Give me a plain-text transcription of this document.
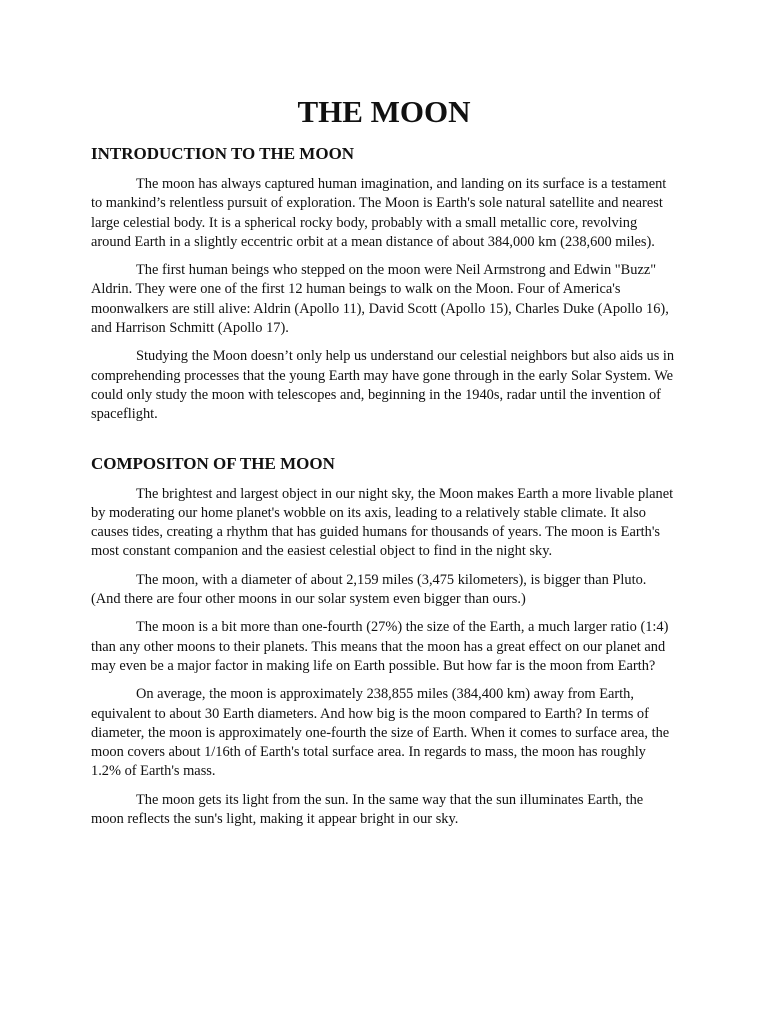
THE MOON
INTRODUCTION TO THE MOON

The moon has always captured human imagination, and landing on its surface is a testament to mankind’s relentless pursuit of exploration. The Moon is Earth's sole natural satellite and nearest large celestial body. It is a spherical rocky body, probably with a small metallic core, revolving around Earth in a slightly eccentric orbit at a mean distance of about 384,000 km (238,600 miles).

The first human beings who stepped on the moon were Neil Armstrong and Edwin "Buzz" Aldrin. They were one of the first 12 human beings to walk on the Moon. Four of America's moonwalkers are still alive: Aldrin (Apollo 11), David Scott (Apollo 15), Charles Duke (Apollo 16), and Harrison Schmitt (Apollo 17).

Studying the Moon doesn’t only help us understand our celestial neighbors but also aids us in comprehending processes that the young Earth may have gone through in the early Solar System. We could only study the moon with telescopes and, beginning in the 1940s, radar until the invention of spaceflight.

COMPOSITON OF THE MOON

The brightest and largest object in our night sky, the Moon makes Earth a more livable planet by moderating our home planet's wobble on its axis, leading to a relatively stable climate. It also causes tides, creating a rhythm that has guided humans for thousands of years. The moon is Earth's most constant companion and the easiest celestial object to find in the night sky.

The moon, with a diameter of about 2,159 miles (3,475 kilometers), is bigger than Pluto. (And there are four other moons in our solar system even bigger than ours.)

The moon is a bit more than one-fourth (27%) the size of the Earth, a much larger ratio (1:4) than any other moons to their planets. This means that the moon has a great effect on our planet and may even be a major factor in making life on Earth possible. But how far is the moon from Earth?

On average, the moon is approximately 238,855 miles (384,400 km) away from Earth, equivalent to about 30 Earth diameters. And how big is the moon compared to Earth? In terms of diameter, the moon is approximately one-fourth the size of Earth. When it comes to surface area, the moon covers about 1/16th of Earth's total surface area. In regards to mass, the moon has roughly 1.2% of Earth's mass.

The moon gets its light from the sun. In the same way that the sun illuminates Earth, the moon reflects the sun's light, making it appear bright in our sky.
